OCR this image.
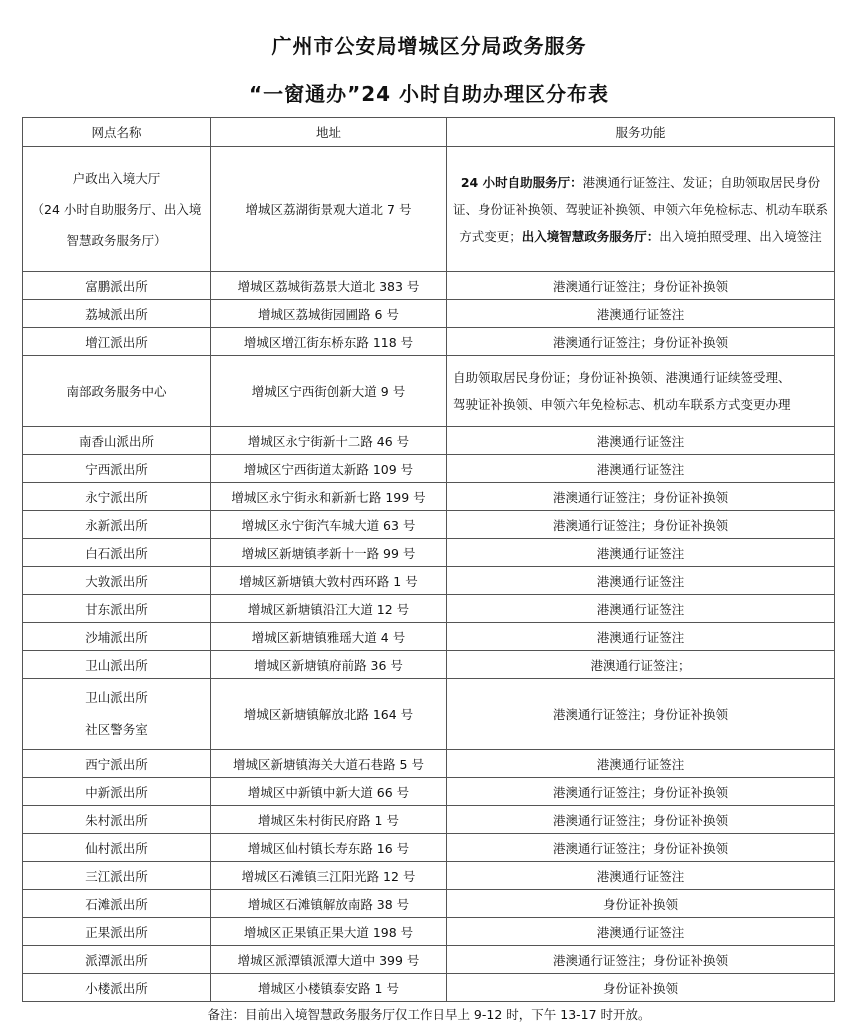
广州市公安局增城区分局政务服务
“一窗通办”24 小时自助办理区分布表
网点名称	地址	服务功能
户政出入境大厅
（24 小时自助服务厅、出入境
智慧政务服务厅）	增城区荔湖街景观大道北 7 号	24 小时自助服务厅：港澳通行证签注、发证；自助领取居民身份证、身份证补换领、驾驶证补换领、申领六年免检标志、机动车联系方式变更；出入境智慧政务服务厅：出入境拍照受理、出入境签注
富鹏派出所	增城区荔城街荔景大道北 383 号	港澳通行证签注；身份证补换领
荔城派出所	增城区荔城街园圃路 6 号	港澳通行证签注
增江派出所	增城区增江街东桥东路 118 号	港澳通行证签注；身份证补换领
南部政务服务中心	增城区宁西街创新大道 9 号	自助领取居民身份证；身份证补换领、港澳通行证续签受理、
驾驶证补换领、申领六年免检标志、机动车联系方式变更办理
南香山派出所	增城区永宁街新十二路 46 号	港澳通行证签注
宁西派出所	增城区宁西街道太新路 109 号	港澳通行证签注
永宁派出所	增城区永宁街永和新新七路 199 号	港澳通行证签注；身份证补换领
永新派出所	增城区永宁街汽车城大道 63 号	港澳通行证签注；身份证补换领
白石派出所	增城区新塘镇孝新十一路 99 号	港澳通行证签注
大敦派出所	增城区新塘镇大敦村西环路 1 号	港澳通行证签注
甘东派出所	增城区新塘镇沿江大道 12 号	港澳通行证签注
沙埔派出所	增城区新塘镇雅瑶大道 4 号	港澳通行证签注
卫山派出所	增城区新塘镇府前路 36 号	港澳通行证签注；
卫山派出所
社区警务室	增城区新塘镇解放北路 164 号	港澳通行证签注；身份证补换领
西宁派出所	增城区新塘镇海关大道石巷路 5 号	港澳通行证签注
中新派出所	增城区中新镇中新大道 66 号	港澳通行证签注；身份证补换领
朱村派出所	增城区朱村街民府路 1 号	港澳通行证签注；身份证补换领
仙村派出所	增城区仙村镇长寿东路 16 号	港澳通行证签注；身份证补换领
三江派出所	增城区石滩镇三江阳光路 12 号	港澳通行证签注
石滩派出所	增城区石滩镇解放南路 38 号	身份证补换领
正果派出所	增城区正果镇正果大道 198 号	港澳通行证签注
派潭派出所	增城区派潭镇派潭大道中 399 号	港澳通行证签注；身份证补换领
小楼派出所	增城区小楼镇泰安路 1 号	身份证补换领
备注：目前出入境智慧政务服务厅仅工作日早上 9-12 时，下午 13-17 时开放。
